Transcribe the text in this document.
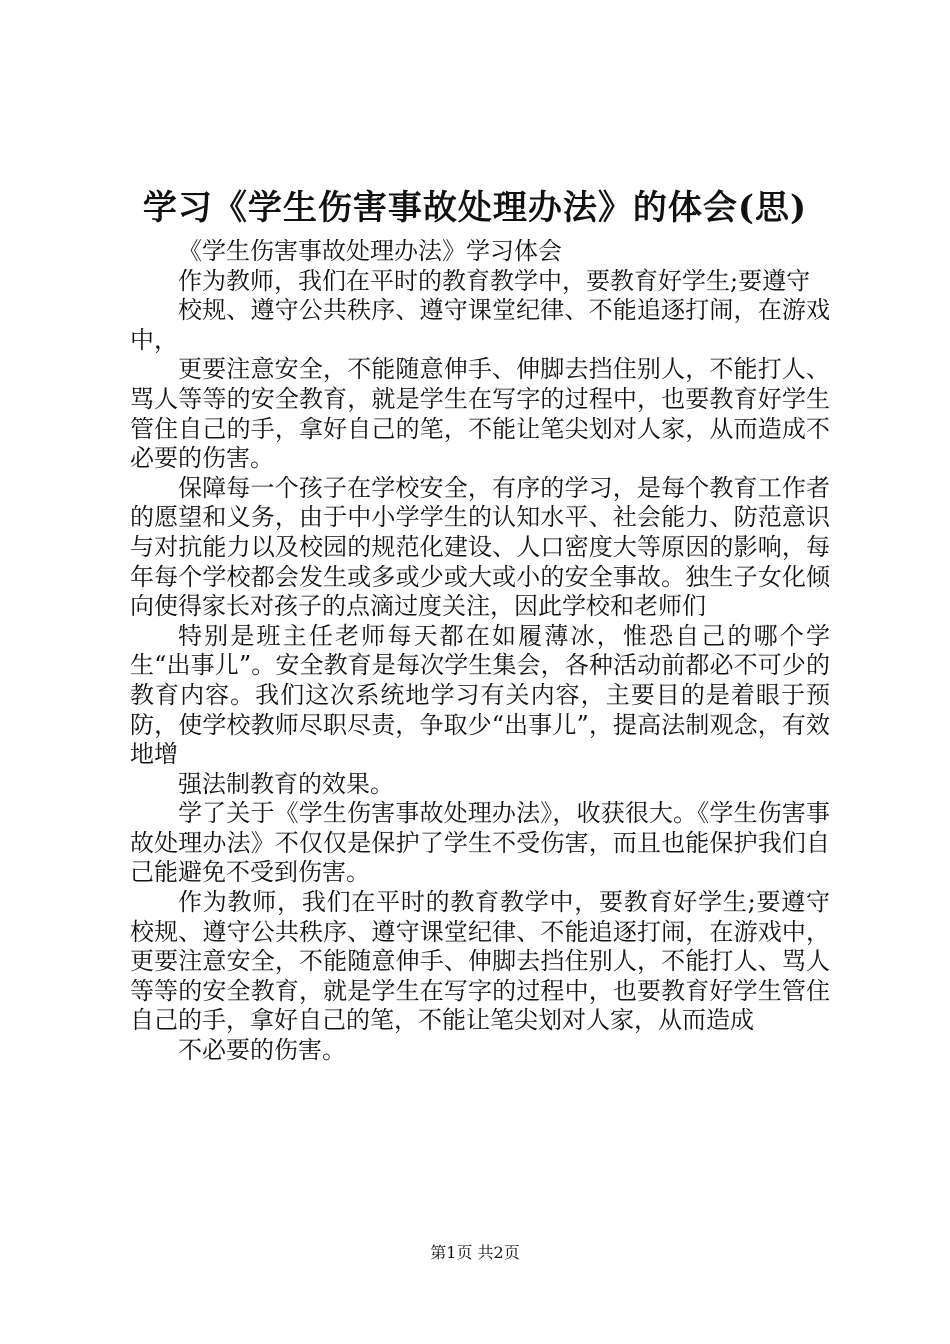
学习《学生伤害事故处理办法》的体会(思)

《学生伤害事故处理办法》学习体会

作为教师，我们在平时的教育教学中，要教育好学生;要遵守

校规、遵守公共秩序、遵守课堂纪律、不能追逐打闹，在游戏中，

更要注意安全，不能随意伸手、伸脚去挡住别人，不能打人、骂人等等的安全教育，就是学生在写字的过程中，也要教育好学生管住自己的手，拿好自己的笔，不能让笔尖划对人家，从而造成不必要的伤害。

保障每一个孩子在学校安全，有序的学习，是每个教育工作者的愿望和义务，由于中小学学生的认知水平、社会能力、防范意识与对抗能力以及校园的规范化建设、人口密度大等原因的影响，每年每个学校都会发生或多或少或大或小的安全事故。独生子女化倾向使得家长对孩子的点滴过度关注，因此学校和老师们

特别是班主任老师每天都在如履薄冰，惟恐自己的哪个学生“出事儿”。安全教育是每次学生集会，各种活动前都必不可少的教育内容。我们这次系统地学习有关内容，主要目的是着眼于预防，使学校教师尽职尽责，争取少“出事儿”，提高法制观念，有效地增

强法制教育的效果。

学了关于《学生伤害事故处理办法》，收获很大。《学生伤害事故处理办法》不仅仅是保护了学生不受伤害，而且也能保护我们自己能避免不受到伤害。

作为教师，我们在平时的教育教学中，要教育好学生;要遵守校规、遵守公共秩序、遵守课堂纪律、不能追逐打闹，在游戏中，更要注意安全，不能随意伸手、伸脚去挡住别人，不能打人、骂人等等的安全教育，就是学生在写字的过程中，也要教育好学生管住自己的手，拿好自己的笔，不能让笔尖划对人家，从而造成

不必要的伤害。

第1页 共2页
